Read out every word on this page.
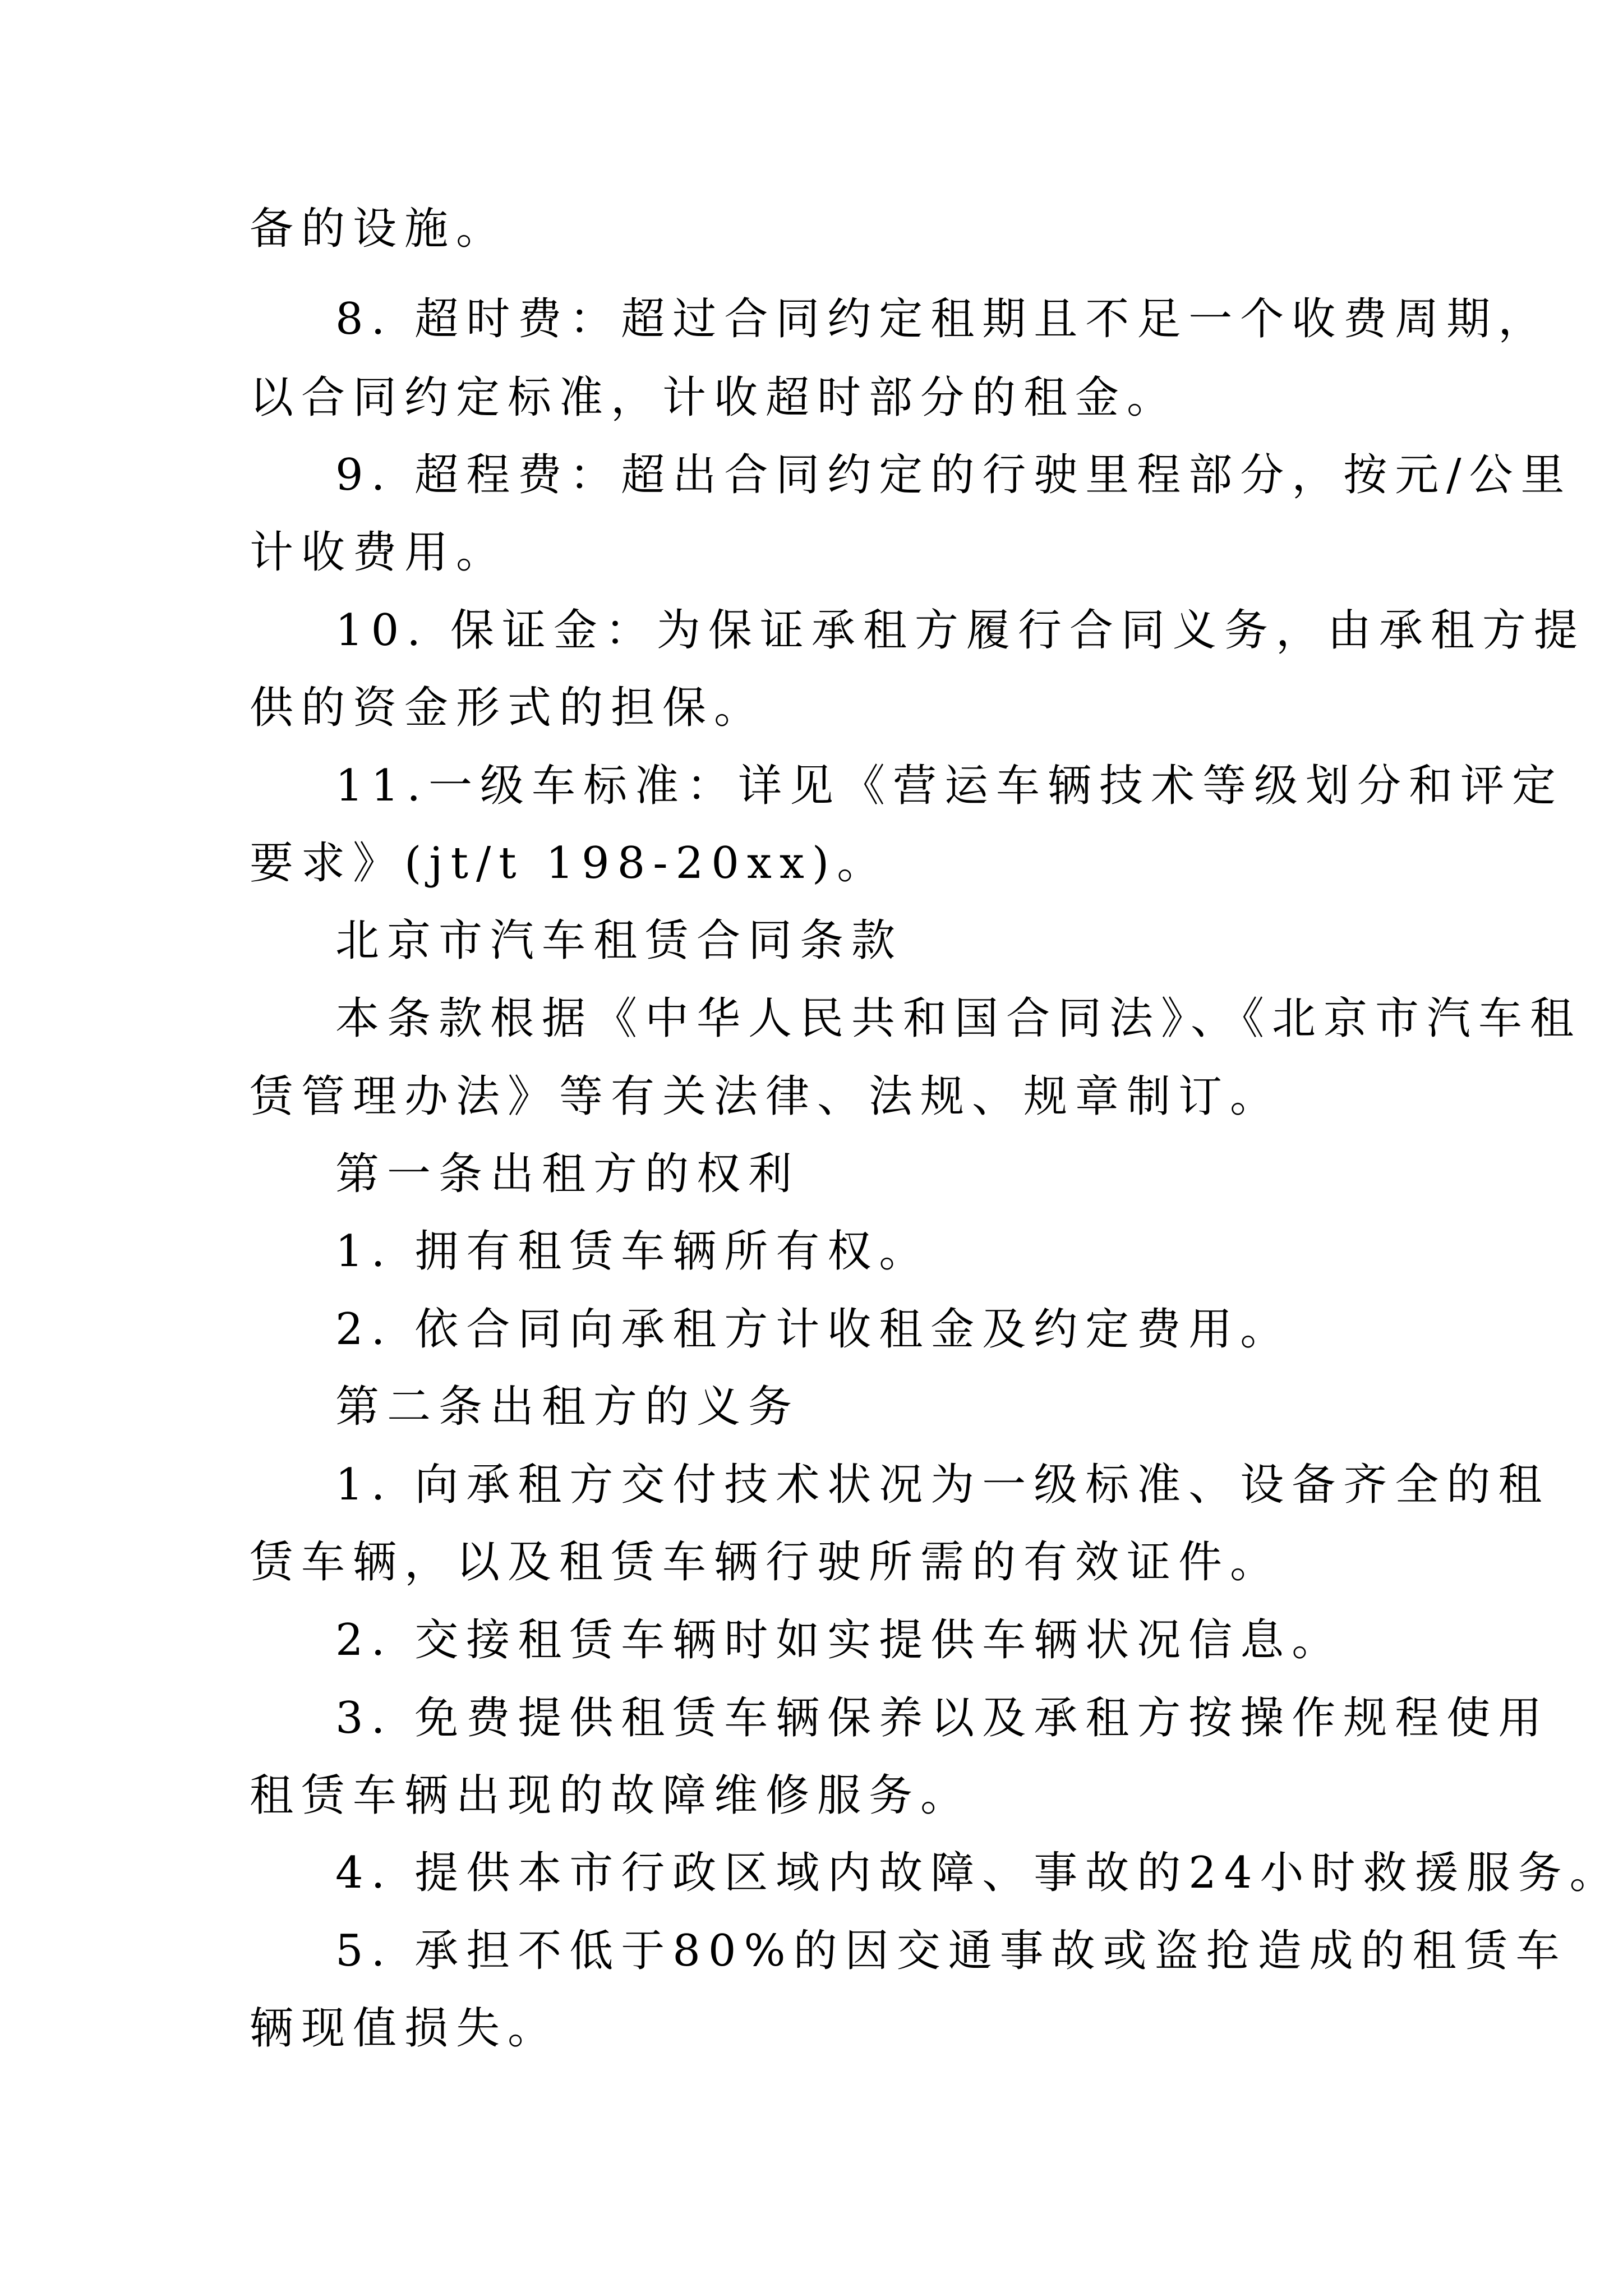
备的设施。

8. 超时费：超过合同约定租期且不足一个收费周期，

以合同约定标准，计收超时部分的租金。

9. 超程费：超出合同约定的行驶里程部分，按元/公里

计收费用。

10. 保证金：为保证承租方履行合同义务，由承租方提

供的资金形式的担保。

11.一级车标准：详见《营运车辆技术等级划分和评定

要求》(jt/t 198-20xx)。

北京市汽车租赁合同条款

本条款根据《中华人民共和国合同法》、《北京市汽车租

赁管理办法》等有关法律、法规、规章制订。

第一条出租方的权利

1. 拥有租赁车辆所有权。

2. 依合同向承租方计收租金及约定费用。

第二条出租方的义务

1. 向承租方交付技术状况为一级标准、设备齐全的租

赁车辆，以及租赁车辆行驶所需的有效证件。

2. 交接租赁车辆时如实提供车辆状况信息。

3. 免费提供租赁车辆保养以及承租方按操作规程使用

租赁车辆出现的故障维修服务。

4. 提供本市行政区域内故障、事故的24小时救援服务。

5. 承担不低于80%的因交通事故或盗抢造成的租赁车

辆现值损失。
